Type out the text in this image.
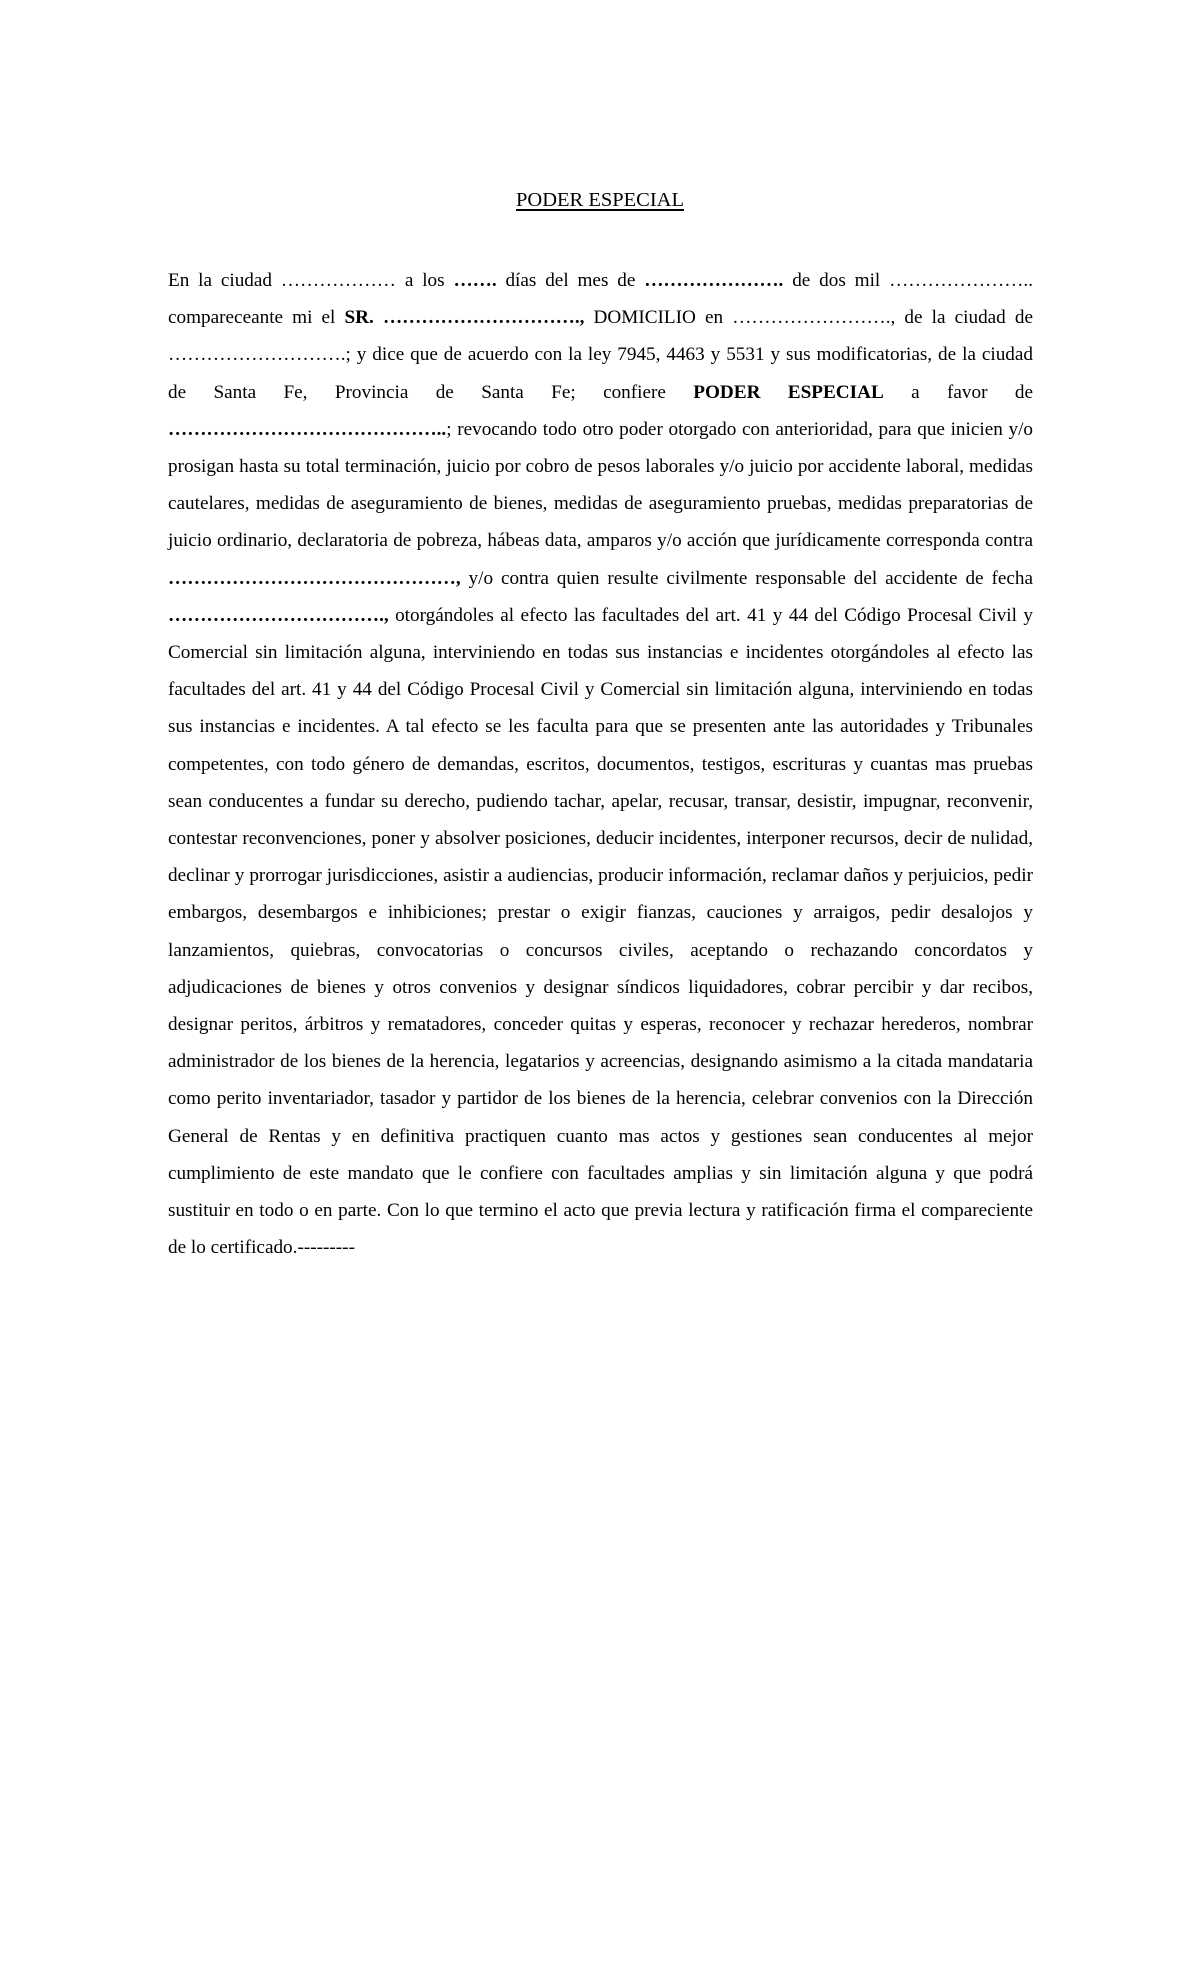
PODER ESPECIAL

En la ciudad ……………… a los ……. días del mes de …………………. de dos mil ………………….. compareceante mi el SR. …………………………., DOMICILIO en ……………………., de la ciudad de ……………………….; y dice que de acuerdo con la ley 7945, 4463 y 5531 y sus modificatorias, de la ciudad de Santa Fe, Provincia de Santa Fe; confiere PODER ESPECIAL a favor de ……………………………………..; revocando todo otro poder otorgado con anterioridad, para que inicien y/o prosigan hasta su total terminación, juicio por cobro de pesos laborales y/o juicio por accidente laboral, medidas cautelares, medidas de aseguramiento de bienes, medidas de aseguramiento pruebas, medidas preparatorias de juicio ordinario, declaratoria de pobreza, hábeas data, amparos y/o acción que jurídicamente corresponda contra ………………………………………, y/o contra quien resulte civilmente responsable del accidente de fecha ……………………………., otorgándoles al efecto las facultades del art. 41 y 44 del Código Procesal Civil y Comercial sin limitación alguna, interviniendo en todas sus instancias e incidentes otorgándoles al efecto las facultades del art. 41 y 44 del Código Procesal Civil y Comercial sin limitación alguna, interviniendo en todas sus instancias e incidentes. A tal efecto se les faculta para que se presenten ante las autoridades y Tribunales competentes, con todo género de demandas, escritos, documentos, testigos, escrituras y cuantas mas pruebas sean conducentes a fundar su derecho, pudiendo tachar, apelar, recusar, transar, desistir, impugnar, reconvenir, contestar reconvenciones, poner y absolver posiciones, deducir incidentes, interponer recursos, decir de nulidad, declinar y prorrogar jurisdicciones, asistir a audiencias, producir información, reclamar daños y perjuicios, pedir embargos, desembargos e inhibiciones; prestar o exigir fianzas, cauciones y arraigos, pedir desalojos y lanzamientos, quiebras, convocatorias o concursos civiles, aceptando o rechazando concordatos y adjudicaciones de bienes y otros convenios y designar síndicos liquidadores, cobrar percibir y dar recibos, designar peritos, árbitros y rematadores, conceder quitas y esperas, reconocer y rechazar herederos, nombrar administrador de los bienes de la herencia, legatarios y acreencias, designando asimismo a la citada mandataria como perito inventariador, tasador y partidor de los bienes de la herencia, celebrar convenios con la Dirección General de Rentas y en definitiva practiquen cuanto mas actos y gestiones sean conducentes al mejor cumplimiento de este mandato que le confiere con facultades amplias y sin limitación alguna y que podrá sustituir en todo o en parte. Con lo que termino el acto que previa lectura y ratificación firma el compareciente de lo certificado.---------
